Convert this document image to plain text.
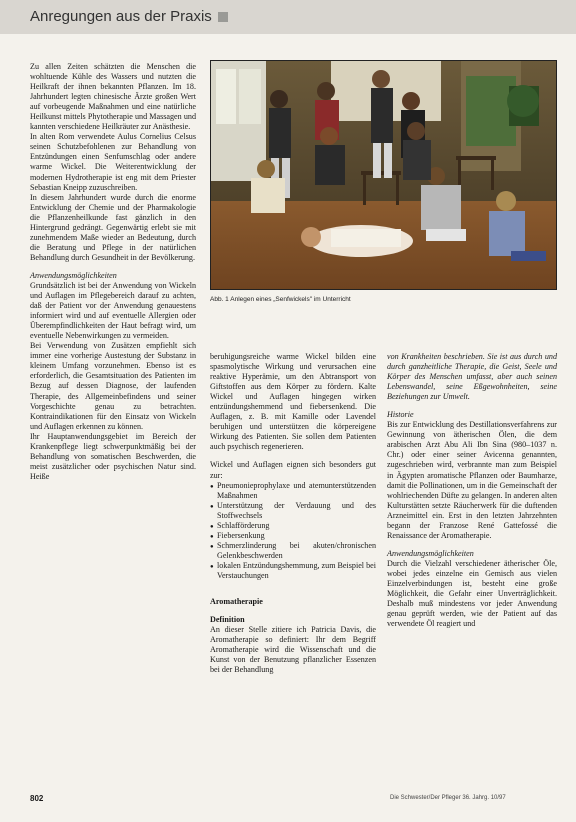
Anregungen aus der Praxis

Zu allen Zeiten schätzten die Menschen die wohltuende Kühle des Wassers und nutzten die Heilkraft der ihnen bekannten Pflanzen. Im 18. Jahrhundert legten chinesische Ärzte großen Wert auf vorbeugende Maßnahmen und eine natürliche Heilkunst mittels Phytotherapie und Massagen und kannten verschiedene Heilkräuter zur Anästhesie.

In alten Rom verwendete Aulus Cornelius Celsus seinen Schutzbefohlenen zur Behandlung von Entzündungen einen Senfumschlag oder andere warme Wickel. Die Weiterentwicklung der modernen Hydrotherapie ist eng mit dem Priester Sebastian Kneipp zuzuschreiben.

In diesem Jahrhundert wurde durch die enorme Entwicklung der Chemie und der Pharmakologie die Pflanzenheilkunde fast gänzlich in den Hintergrund gedrängt. Gegenwärtig erlebt sie mit zunehmendem Maße wieder an Bedeutung, durch die Beratung und Pflege in der natürlichen Behandlung durch Gesundheit in der Bevölkerung.

Anwendungsmöglichkeiten

Grundsätzlich ist bei der Anwendung von Wickeln und Auflagen im Pflegebereich darauf zu achten, daß der Patient vor der Anwendung genauestens informiert wird und auf eventuelle Allergien oder Überempfindlichkeiten der Haut befragt wird, um eventuelle Nebenwirkungen zu vermeiden.

Bei Verwendung von Zusätzen empfiehlt sich immer eine vorherige Austestung der Substanz in kleinem Umfang vorzunehmen. Ebenso ist es erforderlich, die Gesamtsituation des Patienten im Bezug auf dessen Diagnose, der laufenden Therapie, des Allgemeinbefindens und seiner Vorgeschichte genau zu betrachten. Kontraindikationen für den Einsatz von Wickeln und Auflagen erkennen zu können.

Ihr Hauptanwendungsgebiet im Bereich der Krankenpflege liegt schwerpunktmäßig bei der Behandlung von somatischen Beschwerden, die meist zusätzlicher oder psychischen Natur sind. Heiße

Abb. 1 Anlegen eines „Senfwickels" im Unterricht

beruhigungsreiche warme Wickel bilden eine spasmolytische Wirkung und verursachen eine reaktive Hyperämie, um den Abtransport von Giftstoffen aus dem Körper zu fördern. Kalte Wickel und Auflagen hingegen wirken entzündungshemmend und fiebersenkend. Die Auflagen, z. B. mit Kamille oder Lavendel beruhigen und unterstützen die körpereigene Wirkung des Patienten. Sie sollen dem Patienten auch psychisch regenerieren.

Wickel und Auflagen eignen sich besonders gut zur:

● Pneumonieprophylaxe und atemunterstützenden Maßnahmen
● Unterstützung der Verdauung und des Stoffwechsels
● Schlafförderung
● Fiebersenkung
● Schmerzlinderung bei akuten/chronischen Gelenkbeschwerden
● lokalen Entzündungshemmung, zum Beispiel bei Verstauchungen

Aromatherapie

Definition

An dieser Stelle zitiere ich Patricia Davis, die Aromatherapie so definiert: Ihr dem Begriff Aromatherapie wird die Wissenschaft und die Kunst von der Benutzung pflanzlicher Essenzen bei der Behandlung

von Krankheiten beschrieben. Sie ist aus durch und durch ganzheitliche Therapie, die Geist, Seele und Körper des Menschen umfasst, aber auch seinen Lebenswandel, seine Eßgewohnheiten, seine Beziehungen zur Umwelt.

Historie

Bis zur Entwicklung des Destillationsverfahrens zur Gewinnung von ätherischen Ölen, die dem arabischen Arzt Abu Ali Ibn Sina (980–1037 n. Chr.) oder einer seiner Avicenna genannten, zugeschrieben wird, verbrannte man zum Beispiel in Ägypten aromatische Pflanzen oder Baumharze, damit die Pollinationen, um in die Gemeinschaft der wohlriechenden Düfte zu gelangen. In anderen alten Kulturstätten setzte Räucherwerk für die duftenden Arzneimittel ein. Erst in den letzten Jahrzehnten begann der Franzose René Gattefossé die Renaissance der Aromatherapie.

Anwendungsmöglichkeiten

Durch die Vielzahl verschiedener ätherischer Öle, wobei jedes einzelne ein Gemisch aus vielen Einzelverbindungen ist, besteht eine große Möglichkeit, die Gefahr einer Unverträglichkeit. Deshalb muß mindestens vor jeder Anwendung genau geprüft werden, wie der Patient auf das verwendete Öl reagiert und

802	Die Schwester/Der Pfleger 36. Jahrg. 10/97
